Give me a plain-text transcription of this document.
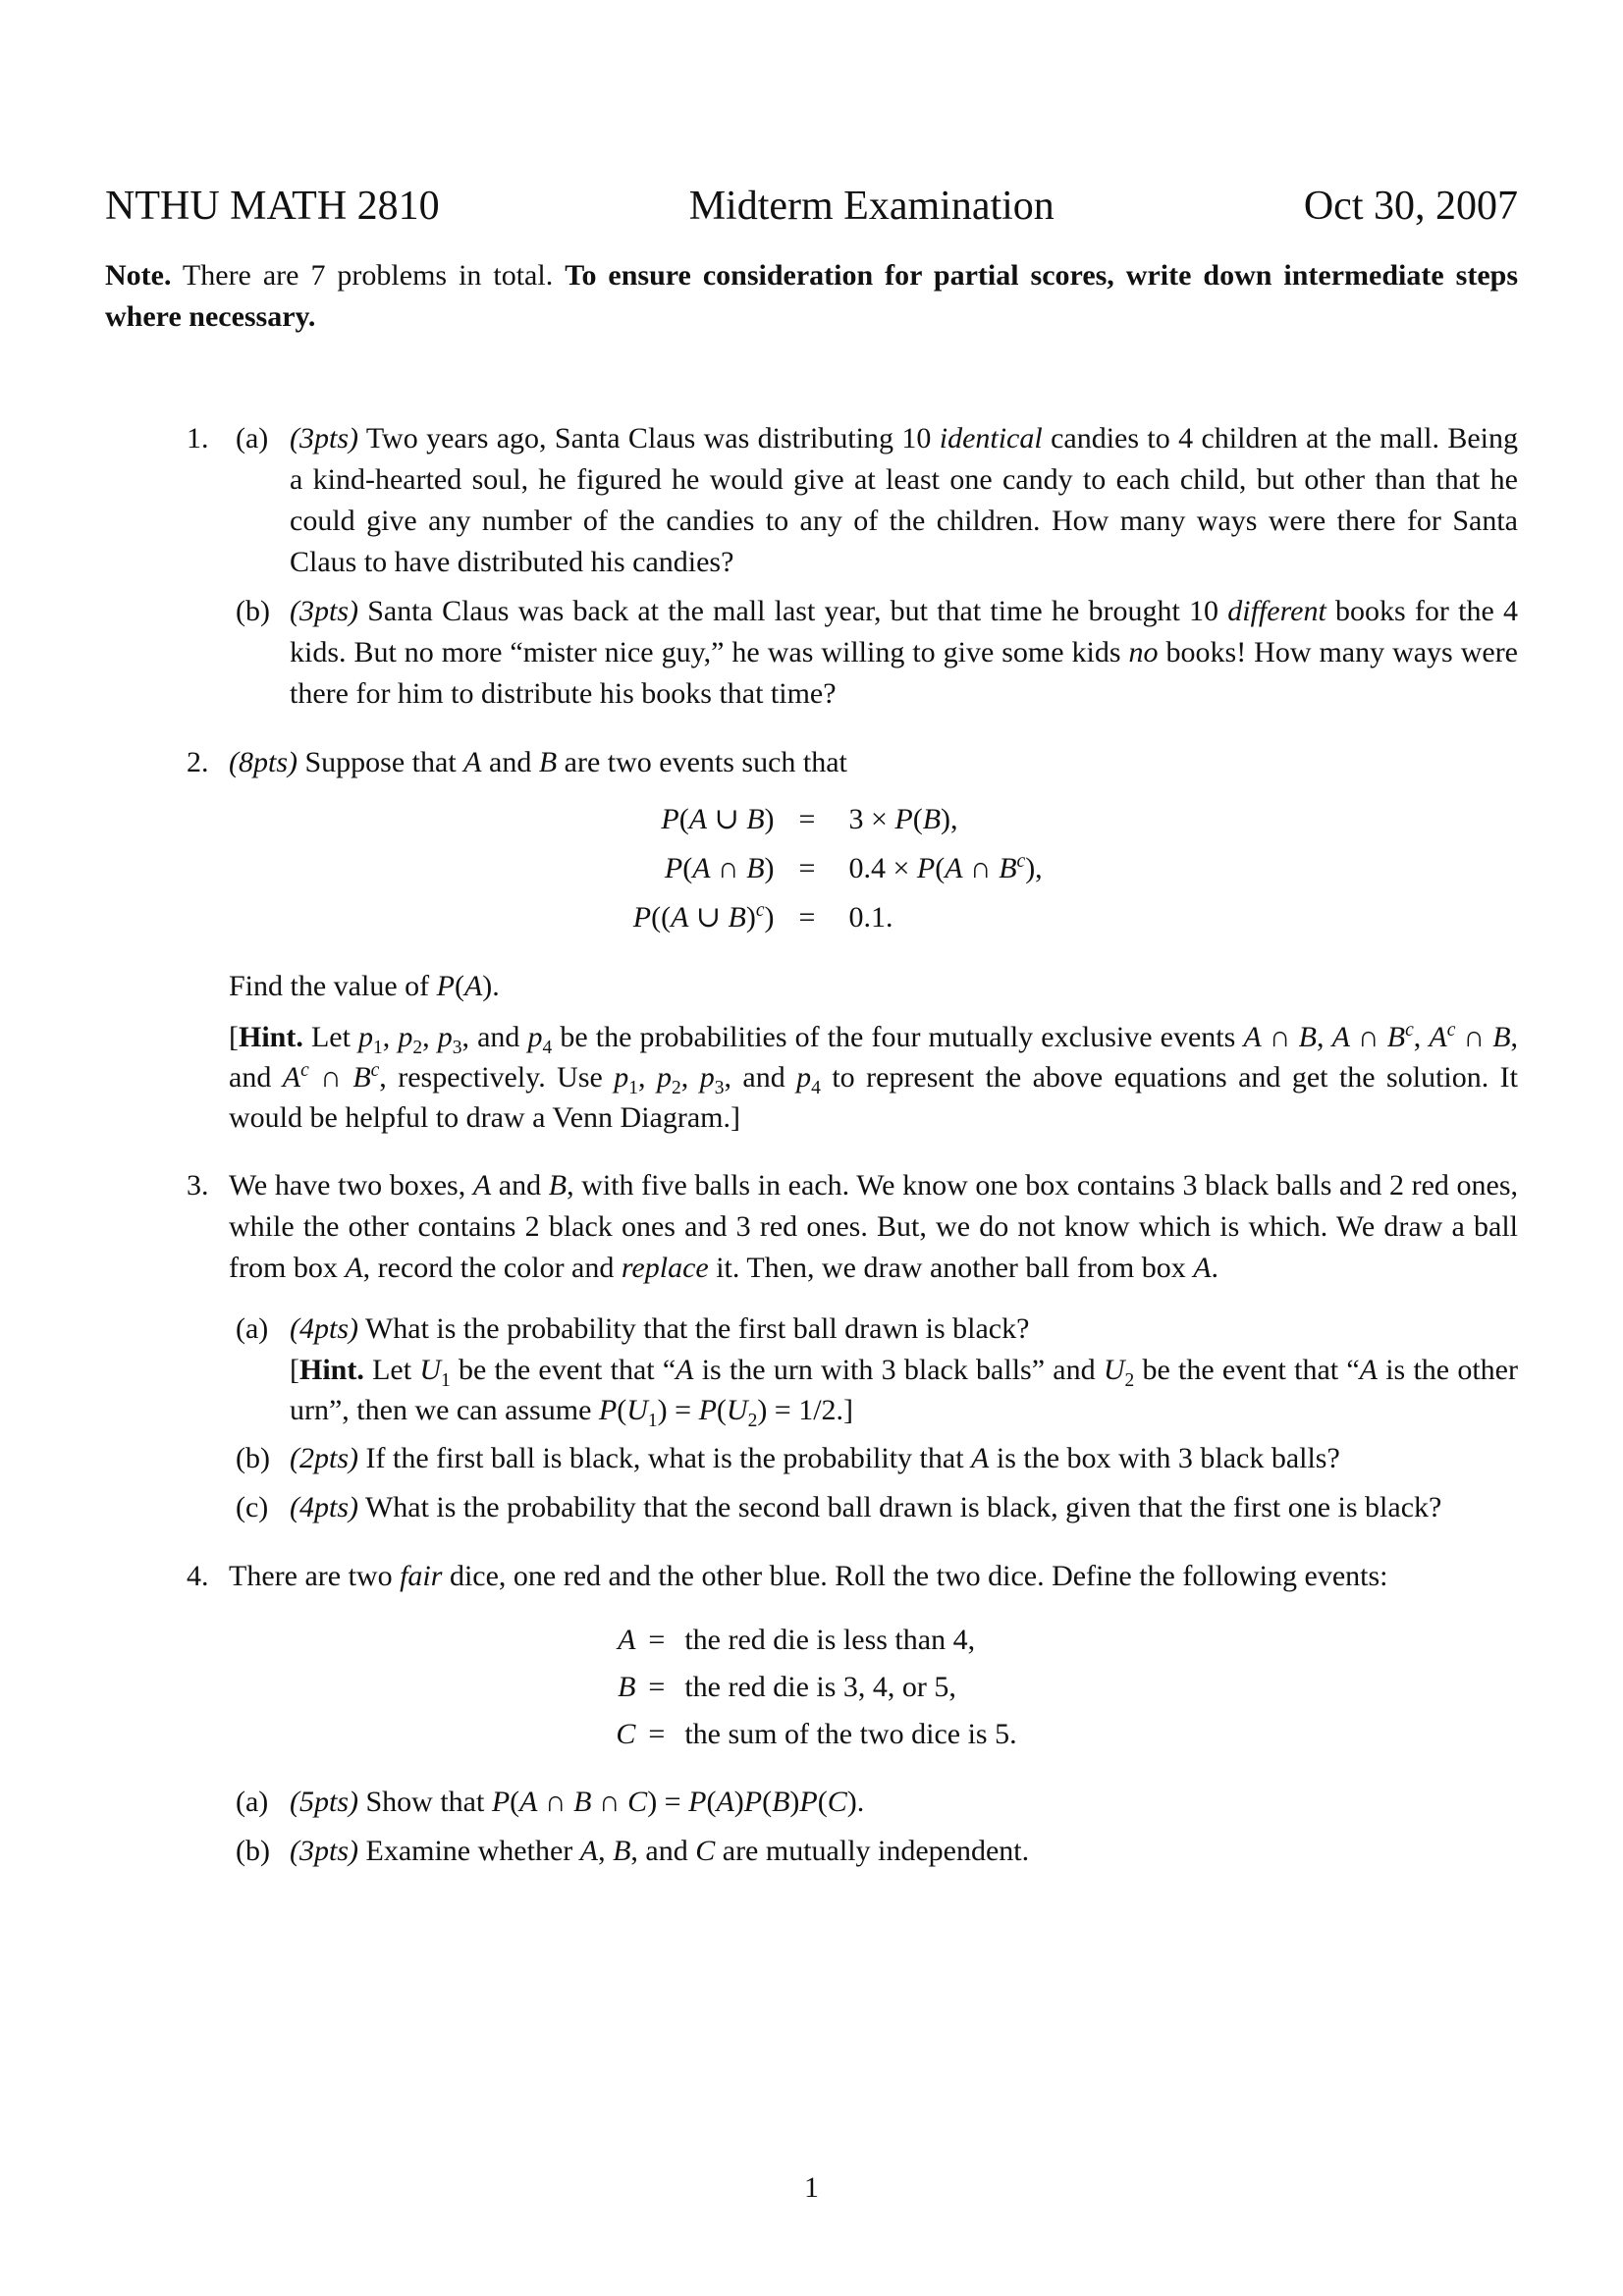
NTHU MATH 2810	Midterm Examination	Oct 30, 2007

Note. There are 7 problems in total. To ensure consideration for partial scores, write down intermediate steps where necessary.

1. (a) (3pts) Two years ago, Santa Claus was distributing 10 identical candies to 4 children at the mall. Being a kind-hearted soul, he figured he would give at least one candy to each child, but other than that he could give any number of the candies to any of the children. How many ways were there for Santa Claus to have distributed his candies?

(b) (3pts) Santa Claus was back at the mall last year, but that time he brought 10 different books for the 4 kids. But no more “mister nice guy,” he was willing to give some kids no books! How many ways were there for him to distribute his books that time?

2. (8pts) Suppose that A and B are two events such that

P(A ∪ B) =	3 × P(B),
P(A ∩ B) =	0.4 × P(A ∩ $B^c$),
P((A ∪ B)$^c$) =	0.1.

Find the value of P(A).

[Hint. Let $p_1$, $p_2$, $p_3$, and $p_4$ be the probabilities of the four mutually exclusive events A ∩ B, A ∩ $B^c$, $A^c$ ∩ B, and $A^c$ ∩ $B^c$, respectively. Use $p_1$, $p_2$, $p_3$, and $p_4$ to represent the above equations and get the solution. It would be helpful to draw a Venn Diagram.]

3. We have two boxes, A and B, with five balls in each. We know one box contains 3 black balls and 2 red ones, while the other contains 2 black ones and 3 red ones. But, we do not know which is which. We draw a ball from box A, record the color and replace it. Then, we draw another ball from box A.

(a) (4pts) What is the probability that the first ball drawn is black?

[Hint. Let $U_1$ be the event that “A is the urn with 3 black balls” and $U_2$ be the event that “A is the other urn”, then we can assume $P(U_1) = P(U_2) = 1/2$.]

(b) (2pts) If the first ball is black, what is the probability that A is the box with 3 black balls?

(c) (4pts) What is the probability that the second ball drawn is black, given that the first one is black?

4. There are two fair dice, one red and the other blue. Roll the two dice. Define the following events:

A	=	the red die is less than 4,
B	=	the red die is 3, 4, or 5,
C	=	the sum of the two dice is 5.
(a) (5pts) Show that P(A ∩ B ∩ C) = P(A)P(B)P(C).

(b) (3pts) Examine whether A, B, and C are mutually independent.

1
